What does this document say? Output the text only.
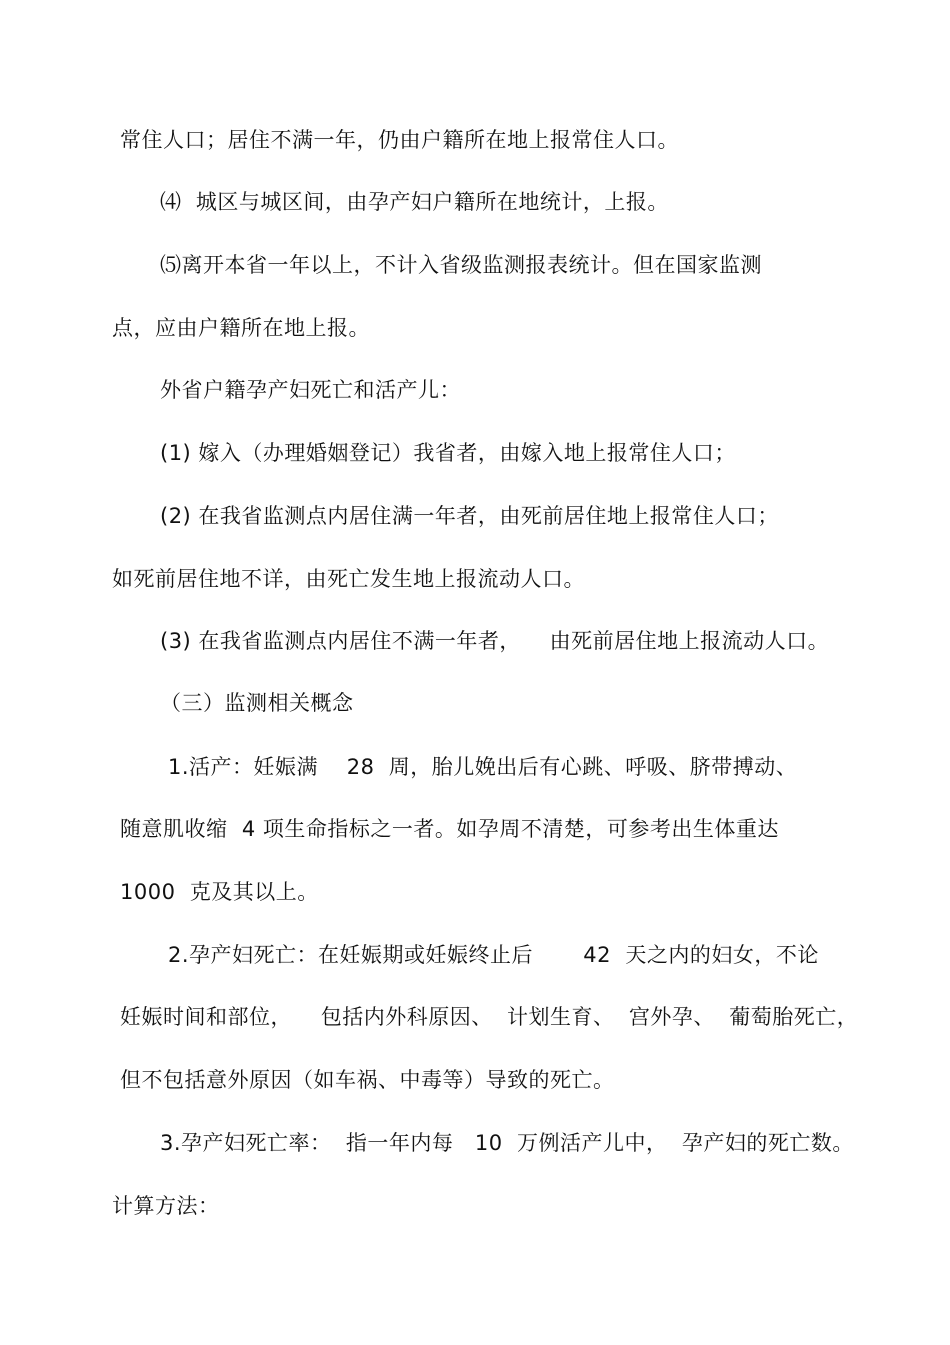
常住人口；居住不满一年，仍由户籍所在地上报常住人口。
⑷  城区与城区间，由孕产妇户籍所在地统计，上报。
⑸离开本省一年以上，不计入省级监测报表统计。但在国家监测
点，应由户籍所在地上报。
外省户籍孕产妇死亡和活产儿：
(1) 嫁入（办理婚姻登记）我省者，由嫁入地上报常住人口；
(2) 在我省监测点内居住满一年者，由死前居住地上报常住人口；
如死前居住地不详，由死亡发生地上报流动人口。
(3) 在我省监测点内居住不满一年者，    由死前居住地上报流动人口。
（三）监测相关概念
1.活产：妊娠满    28  周，胎儿娩出后有心跳、呼吸、脐带搏动、
随意肌收缩  4 项生命指标之一者。如孕周不清楚，可参考出生体重达
1000  克及其以上。
2.孕产妇死亡：在妊娠期或妊娠终止后       42  天之内的妇女，不论
妊娠时间和部位，    包括内外科原因、  计划生育、  宫外孕、  葡萄胎死亡，
但不包括意外原因（如车祸、中毒等）导致的死亡。
3.孕产妇死亡率：  指一年内每   10  万例活产儿中，  孕产妇的死亡数。
计算方法：
